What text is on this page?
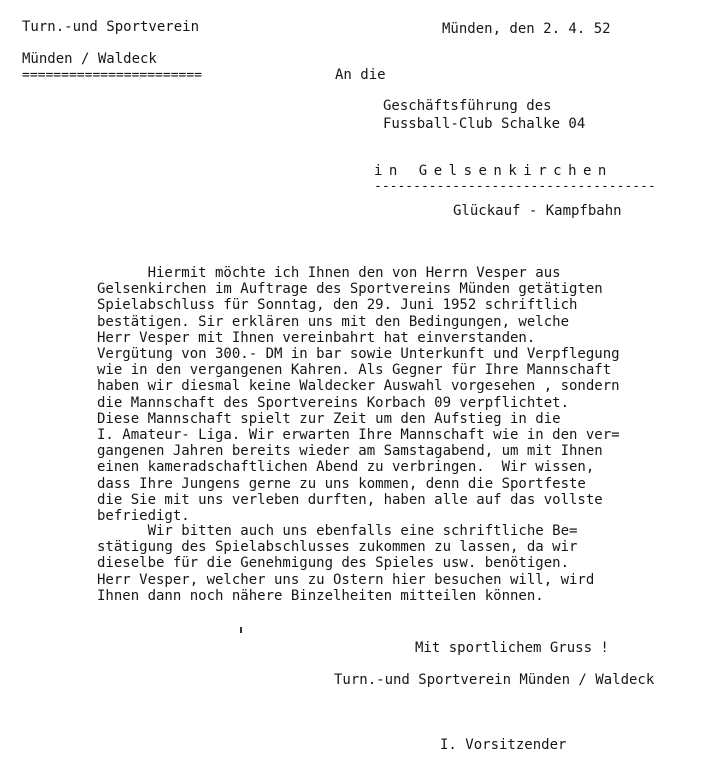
Turn.-und Sportverein
Münden / Waldeck
=======================
Münden, den 2. 4. 52
An die
Geschäftsführung des
Fussball-Club Schalke 04
in Gelsenkirchen
------------------------------------
Glückauf - Kampfbahn
Hiermit möchte ich Ihnen den von Herrn Vesper aus
Gelsenkirchen im Auftrage des Sportvereins Münden getätigten
Spielabschluss für Sonntag, den 29. Juni 1952 schriftlich
bestätigen. Sir erklären uns mit den Bedingungen, welche
Herr Vesper mit Ihnen vereinbahrt hat einverstanden.
Vergütung von 300.- DM in bar sowie Unterkunft und Verpflegung
wie in den vergangenen Kahren. Als Gegner für Ihre Mannschaft
haben wir diesmal keine Waldecker Auswahl vorgesehen , sondern
die Mannschaft des Sportvereins Korbach 09 verpflichtet.
Diese Mannschaft spielt zur Zeit um den Aufstieg in die
I. Amateur- Liga. Wir erwarten Ihre Mannschaft wie in den ver=
gangenen Jahren bereits wieder am Samstagabend, um mit Ihnen
einen kameradschaftlichen Abend zu verbringen.  Wir wissen,
dass Ihre Jungens gerne zu uns kommen, denn die Sportfeste
die Sie mit uns verleben durften, haben alle auf das vollste
befriedigt.
Wir bitten auch uns ebenfalls eine schriftliche Be=
stätigung des Spielabschlusses zukommen zu lassen, da wir
dieselbe für die Genehmigung des Spieles usw. benötigen.
Herr Vesper, welcher uns zu Ostern hier besuchen will, wird
Ihnen dann noch nähere Binzelheiten mitteilen können.
Mit sportlichem Gruss !
Turn.-und Sportverein Münden / Waldeck
I. Vorsitzender
